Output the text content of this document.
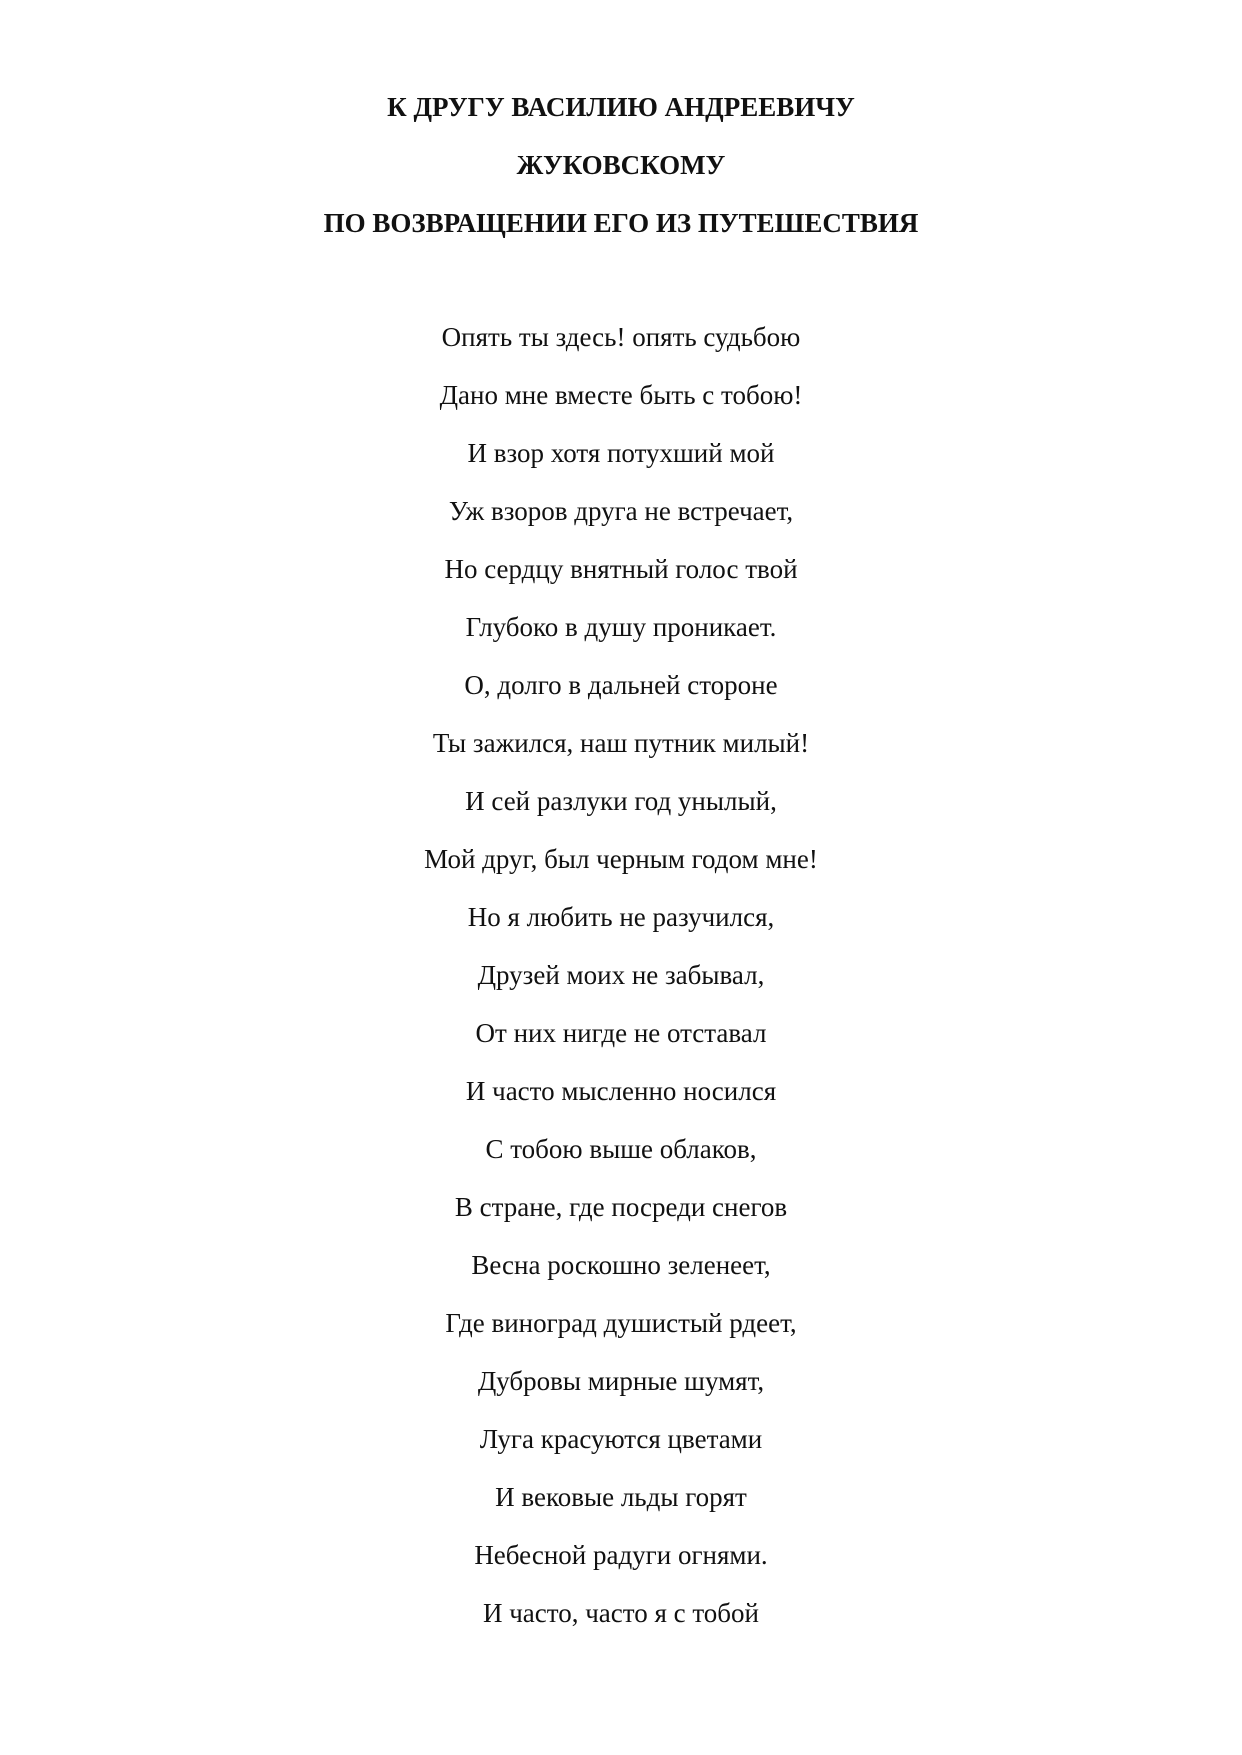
К ДРУГУ ВАСИЛИЮ АНДРЕЕВИЧУ
ЖУКОВСКОМУ
ПО ВОЗВРАЩЕНИИ ЕГО ИЗ ПУТЕШЕСТВИЯ
Опять ты здесь! опять судьбою
Дано мне вместе быть с тобою!
И взор хотя потухший мой
Уж взоров друга не встречает,
Но сердцу внятный голос твой
Глубоко в душу проникает.
О, долго в дальней стороне
Ты зажился, наш путник милый!
И сей разлуки год унылый,
Мой друг, был черным годом мне!
Но я любить не разучился,
Друзей моих не забывал,
От них нигде не отставал
И часто мысленно носился
С тобою выше облаков,
В стране, где посреди снегов
Весна роскошно зеленеет,
Где виноград душистый рдеет,
Дубровы мирные шумят,
Луга красуются цветами
И вековые льды горят
Небесной радуги огнями.
И часто, часто я с тобой
